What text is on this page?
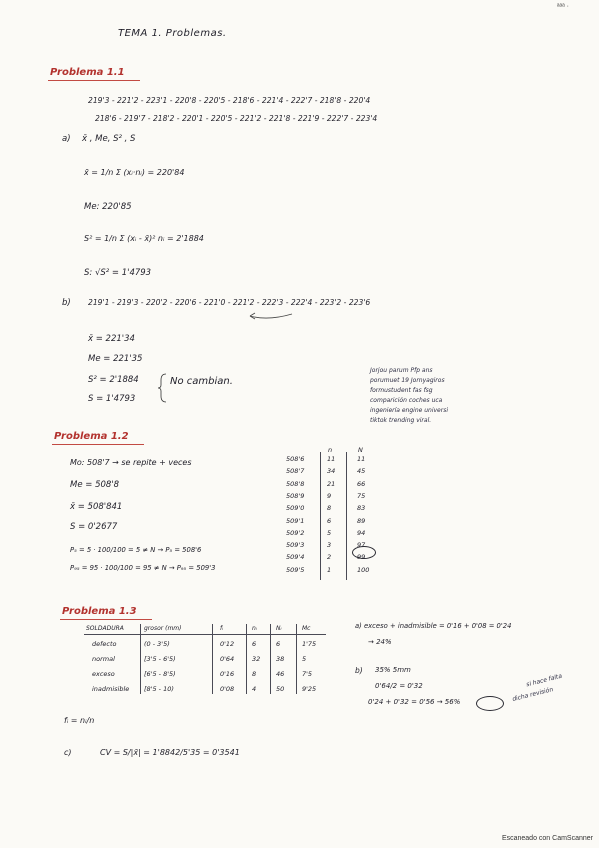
ᵃᵃᵃ ·
TEMA 1. Problemas.
Problema 1.1
219'3 - 221'2 - 223'1 - 220'8 - 220'5 - 218'6 - 221'4 - 222'7 - 218'8 - 220'4
218'6 - 219'7 - 218'2 - 220'1 - 220'5 - 221'2 - 221'8 - 221'9 - 222'7 - 223'4
a) x̄ , Me, S² , S
x̄ = 1/n Σ (xᵢ·nᵢ) = 220'84
Me: 220'85
S² = 1/n Σ (xᵢ - x̄)² nᵢ = 2'1884
S: √S² = 1'4793
b) 219'1 - 219'3 - 220'2 - 220'6 - 221'0 - 221'2 - 222'3 - 222'4 - 223'2 - 223'6
x̄ = 221'34
Me = 221'35
S² = 2'1884
S = 1'4793
No cambian.
Jorjou parum Pfp ans
porumuet 19 Jornyagiros
formustudent fas fsg
comparición coches uca
ingeniería engine universi
tiktok trending viral.
Problema 1.2
Mo: 508'7 → se repite + veces
Me = 508'8
x̄ = 508'841
S = 0'2677
P₅ = 5 · 100/100 = 5 ≠ N → P₅ = 508'6
P₉₅ = 95 · 100/100 = 95 ≠ N → P₉₅ = 509'3
n	N
508'6	11	11
508'7	34	45
508'8	21	66
508'9	9	75
509'0	8	83
509'1	6	89
509'2	5	94
509'3	3	97
509'4	2	99
509'5	1	100
Problema 1.3
SOLDADURA	grosor (mm)	fᵢ	nᵢ	Nᵢ	Mc
defecto	(0 - 3'5)	0'12	6	6	1'75
normal	[3'5 - 6'5)	0'64	32 38	5
exceso	[6'5 - 8'5)	0'16	8	46	7'5
inadmisible [8'5 - 10)	0'08	4	50	9'25
a) exceso + inadmisible = 0'16 + 0'08 = 0'24
→ 24%
b) 35% 5mm
0'64/2 = 0'32
0'24 + 0'32 = 0'56 → 56%
si hace falta
dicha revisión
fᵢ = nᵢ/n
c)	CV = S/|x̄| = 1'8842/5'35 = 0'3541
Escaneado con CamScanner
